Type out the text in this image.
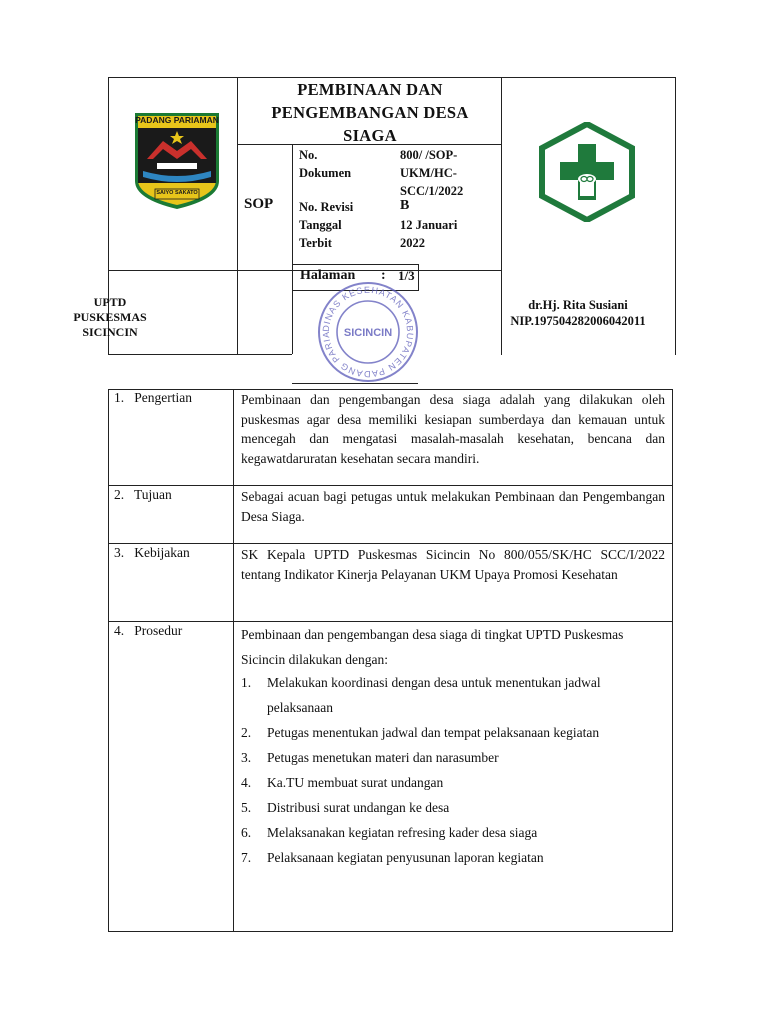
PADANG PARIAMAN
SAIYO SAKATO
PEMBINAAN DAN
PENGEMBANGAN DESA
SIAGA
SOP
No. Dokumen
800/ /SOP-UKM/HC-SCC/1/2022
No. Revisi	B
Tanggal Terbit
12 Januari 2022
Halaman : 1/3
UPTD
PUSKESMAS
SICINCIN	DINAS KESEHATAN KABUPATEN PADANG PARIA	SICINCIN
dr.Hj. Rita Susiani
NIP.197504282006042011
1.   Pengertian	Pembinaan dan pengembangan desa siaga adalah yang dilakukan oleh puskesmas agar desa memiliki kesiapan sumberdaya dan kemauan untuk mencegah dan mengatasi masalah-masalah kesehatan, bencana dan kegawatdaruratan kesehatan secara mandiri.
2.   Tujuan	Sebagai acuan bagi petugas untuk melakukan Pembinaan dan Pengembangan Desa Siaga.
3.   Kebijakan	SK Kepala UPTD Puskesmas Sicincin No 800/055/SK/HC SCC/I/2022 tentang Indikator Kinerja Pelayanan UKM Upaya Promosi Kesehatan
4.   Prosedur	Pembinaan dan pengembangan desa siaga di tingkat UPTD Puskesmas Sicincin dilakukan dengan:
1. Melakukan koordinasi dengan desa untuk menentukan jadwal pelaksanaan
2. Petugas menentukan jadwal dan tempat pelaksanaan kegiatan
3. Petugas menetukan materi dan narasumber
4. Ka.TU membuat surat undangan
5. Distribusi surat undangan ke desa
6. Melaksanakan kegiatan refresing kader desa siaga
7. Pelaksanaan kegiatan penyusunan laporan kegiatan
